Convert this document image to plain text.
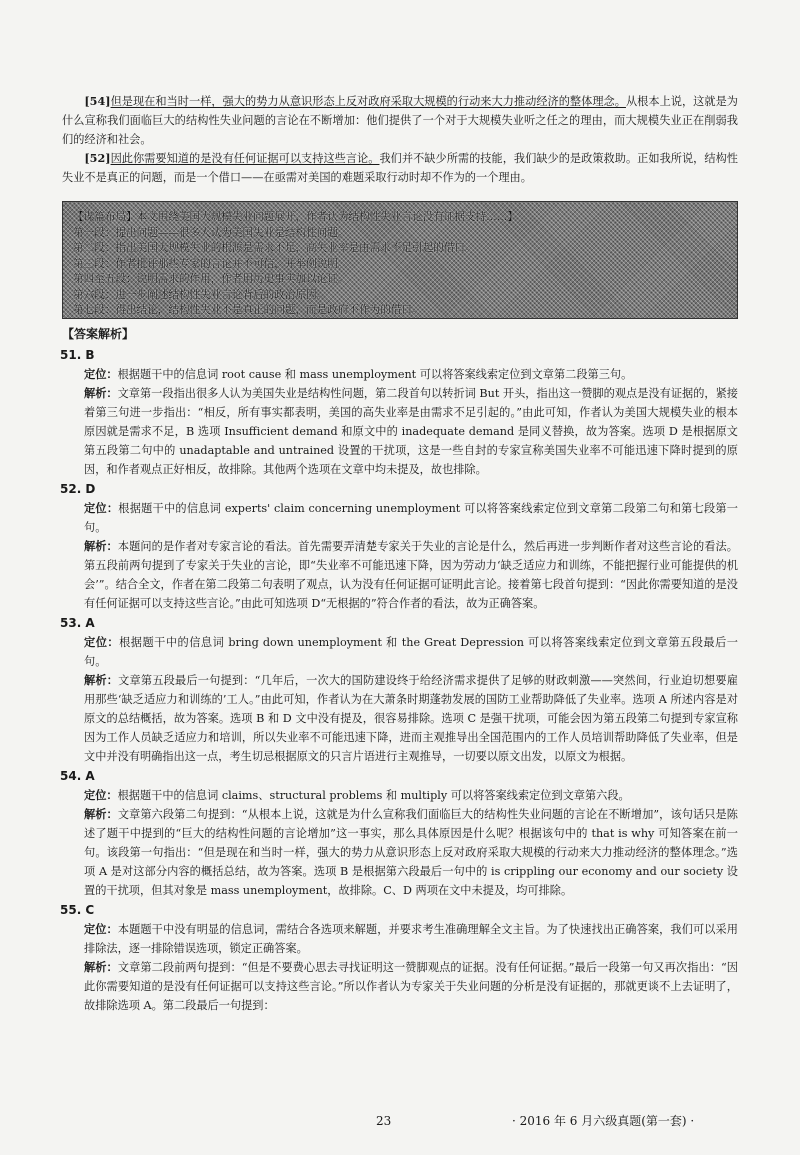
[54]但是现在和当时一样，强大的势力从意识形态上反对政府采取大规模的行动来大力推动经济的整体理念。从根本上说，这就是为什么宣称我们面临巨大的结构性失业问题的言论在不断增加：他们提供了一个对于大规模失业听之任之的理由，而大规模失业正在削弱我们的经济和社会。

[52]因此你需要知道的是没有任何证据可以支持这些言论。我们并不缺少所需的技能，我们缺少的是政策救助。正如我所说，结构性失业不是真正的问题，而是一个借口——在亟需对美国的难题采取行动时却不作为的一个理由。

【谋篇布局】本文围绕美国大规模失业问题展开，作者认为结构性失业言论没有证据支持……】
第一段：提出问题——很多人认为美国失业是结构性问题。
第二段：指出美国大规模失业的根源是需求不足，高失业率是由需求不足引起的借口。
第三段：作者批评那些专家的言论并不可信，并举例说明。
第四至五段：说明需求的作用，作者用历史事实加以论证。
第六段：进一步阐述结构性失业言论背后的政治原因。
第七段：得出结论，结构性失业不是真正的问题，而是政府不作为的借口。
【答案解析】
51. B
定位：根据题干中的信息词 root cause 和 mass unemployment 可以将答案线索定位到文章第二段第三句。
解析：文章第一段指出很多人认为美国失业是结构性问题，第二段首句以转折词 But 开头，指出这一赞脚的观点是没有证据的，紧接着第三句进一步指出：“相反，所有事实都表明，美国的高失业率是由需求不足引起的。”由此可知，作者认为美国大规模失业的根本原因就是需求不足，B 选项 Insufficient demand 和原文中的 inadequate demand 是同义替换，故为答案。选项 D 是根据原文第五段第二句中的 unadaptable and untrained 设置的干扰项，这是一些自封的专家宣称美国失业率不可能迅速下降时提到的原因，和作者观点正好相反，故排除。其他两个选项在文章中均未提及，故也排除。
52. D
定位：根据题干中的信息词 experts' claim concerning unemployment 可以将答案线索定位到文章第二段第二句和第七段第一句。
解析：本题问的是作者对专家言论的看法。首先需要弄清楚专家关于失业的言论是什么，然后再进一步判断作者对这些言论的看法。第五段前两句提到了专家关于失业的言论，即“失业率不可能迅速下降，因为劳动力‘缺乏适应力和训练，不能把握行业可能提供的机会’”。结合全文，作者在第二段第二句表明了观点，认为没有任何证据可证明此言论。接着第七段首句提到：“因此你需要知道的是没有任何证据可以支持这些言论。”由此可知选项 D“无根据的”符合作者的看法，故为正确答案。
53. A
定位：根据题干中的信息词 bring down unemployment 和 the Great Depression 可以将答案线索定位到文章第五段最后一句。
解析：文章第五段最后一句提到：“几年后，一次大的国防建设终于给经济需求提供了足够的财政刺激——突然间，行业迫切想要雇用那些‘缺乏适应力和训练的’工人。”由此可知，作者认为在大萧条时期蓬勃发展的国防工业帮助降低了失业率。选项 A 所述内容是对原文的总结概括，故为答案。选项 B 和 D 文中没有提及，很容易排除。选项 C 是强干扰项，可能会因为第五段第二句提到专家宣称因为工作人员缺乏适应力和培训，所以失业率不可能迅速下降，进而主观推导出全国范围内的工作人员培训帮助降低了失业率，但是文中并没有明确指出这一点，考生切忌根据原文的只言片语进行主观推导，一切要以原文出发，以原文为根据。
54. A
定位：根据题干中的信息词 claims、structural problems 和 multiply 可以将答案线索定位到文章第六段。
解析：文章第六段第二句提到：“从根本上说，这就是为什么宣称我们面临巨大的结构性失业问题的言论在不断增加”，该句话只是陈述了题干中提到的“巨大的结构性问题的言论增加”这一事实，那么具体原因是什么呢？根据该句中的 that is why 可知答案在前一句。该段第一句指出：“但是现在和当时一样，强大的势力从意识形态上反对政府采取大规模的行动来大力推动经济的整体理念。”选项 A 是对这部分内容的概括总结，故为答案。选项 B 是根据第六段最后一句中的 is crippling our economy and our society 设置的干扰项，但其对象是 mass unemployment，故排除。C、D 两项在文中未提及，均可排除。
55. C
定位：本题题干中没有明显的信息词，需结合各选项来解题，并要求考生准确理解全文主旨。为了快速找出正确答案，我们可以采用排除法，逐一排除错误选项，锁定正确答案。
解析：文章第二段前两句提到：“但是不要费心思去寻找证明这一赞脚观点的证据。没有任何证据。”最后一段第一句又再次指出：“因此你需要知道的是没有任何证据可以支持这些言论。”所以作者认为专家关于失业问题的分析是没有证据的，那就更谈不上去证明了，故排除选项 A。第二段最后一句提到：
23	· 2016 年 6 月六级真题(第一套) ·
